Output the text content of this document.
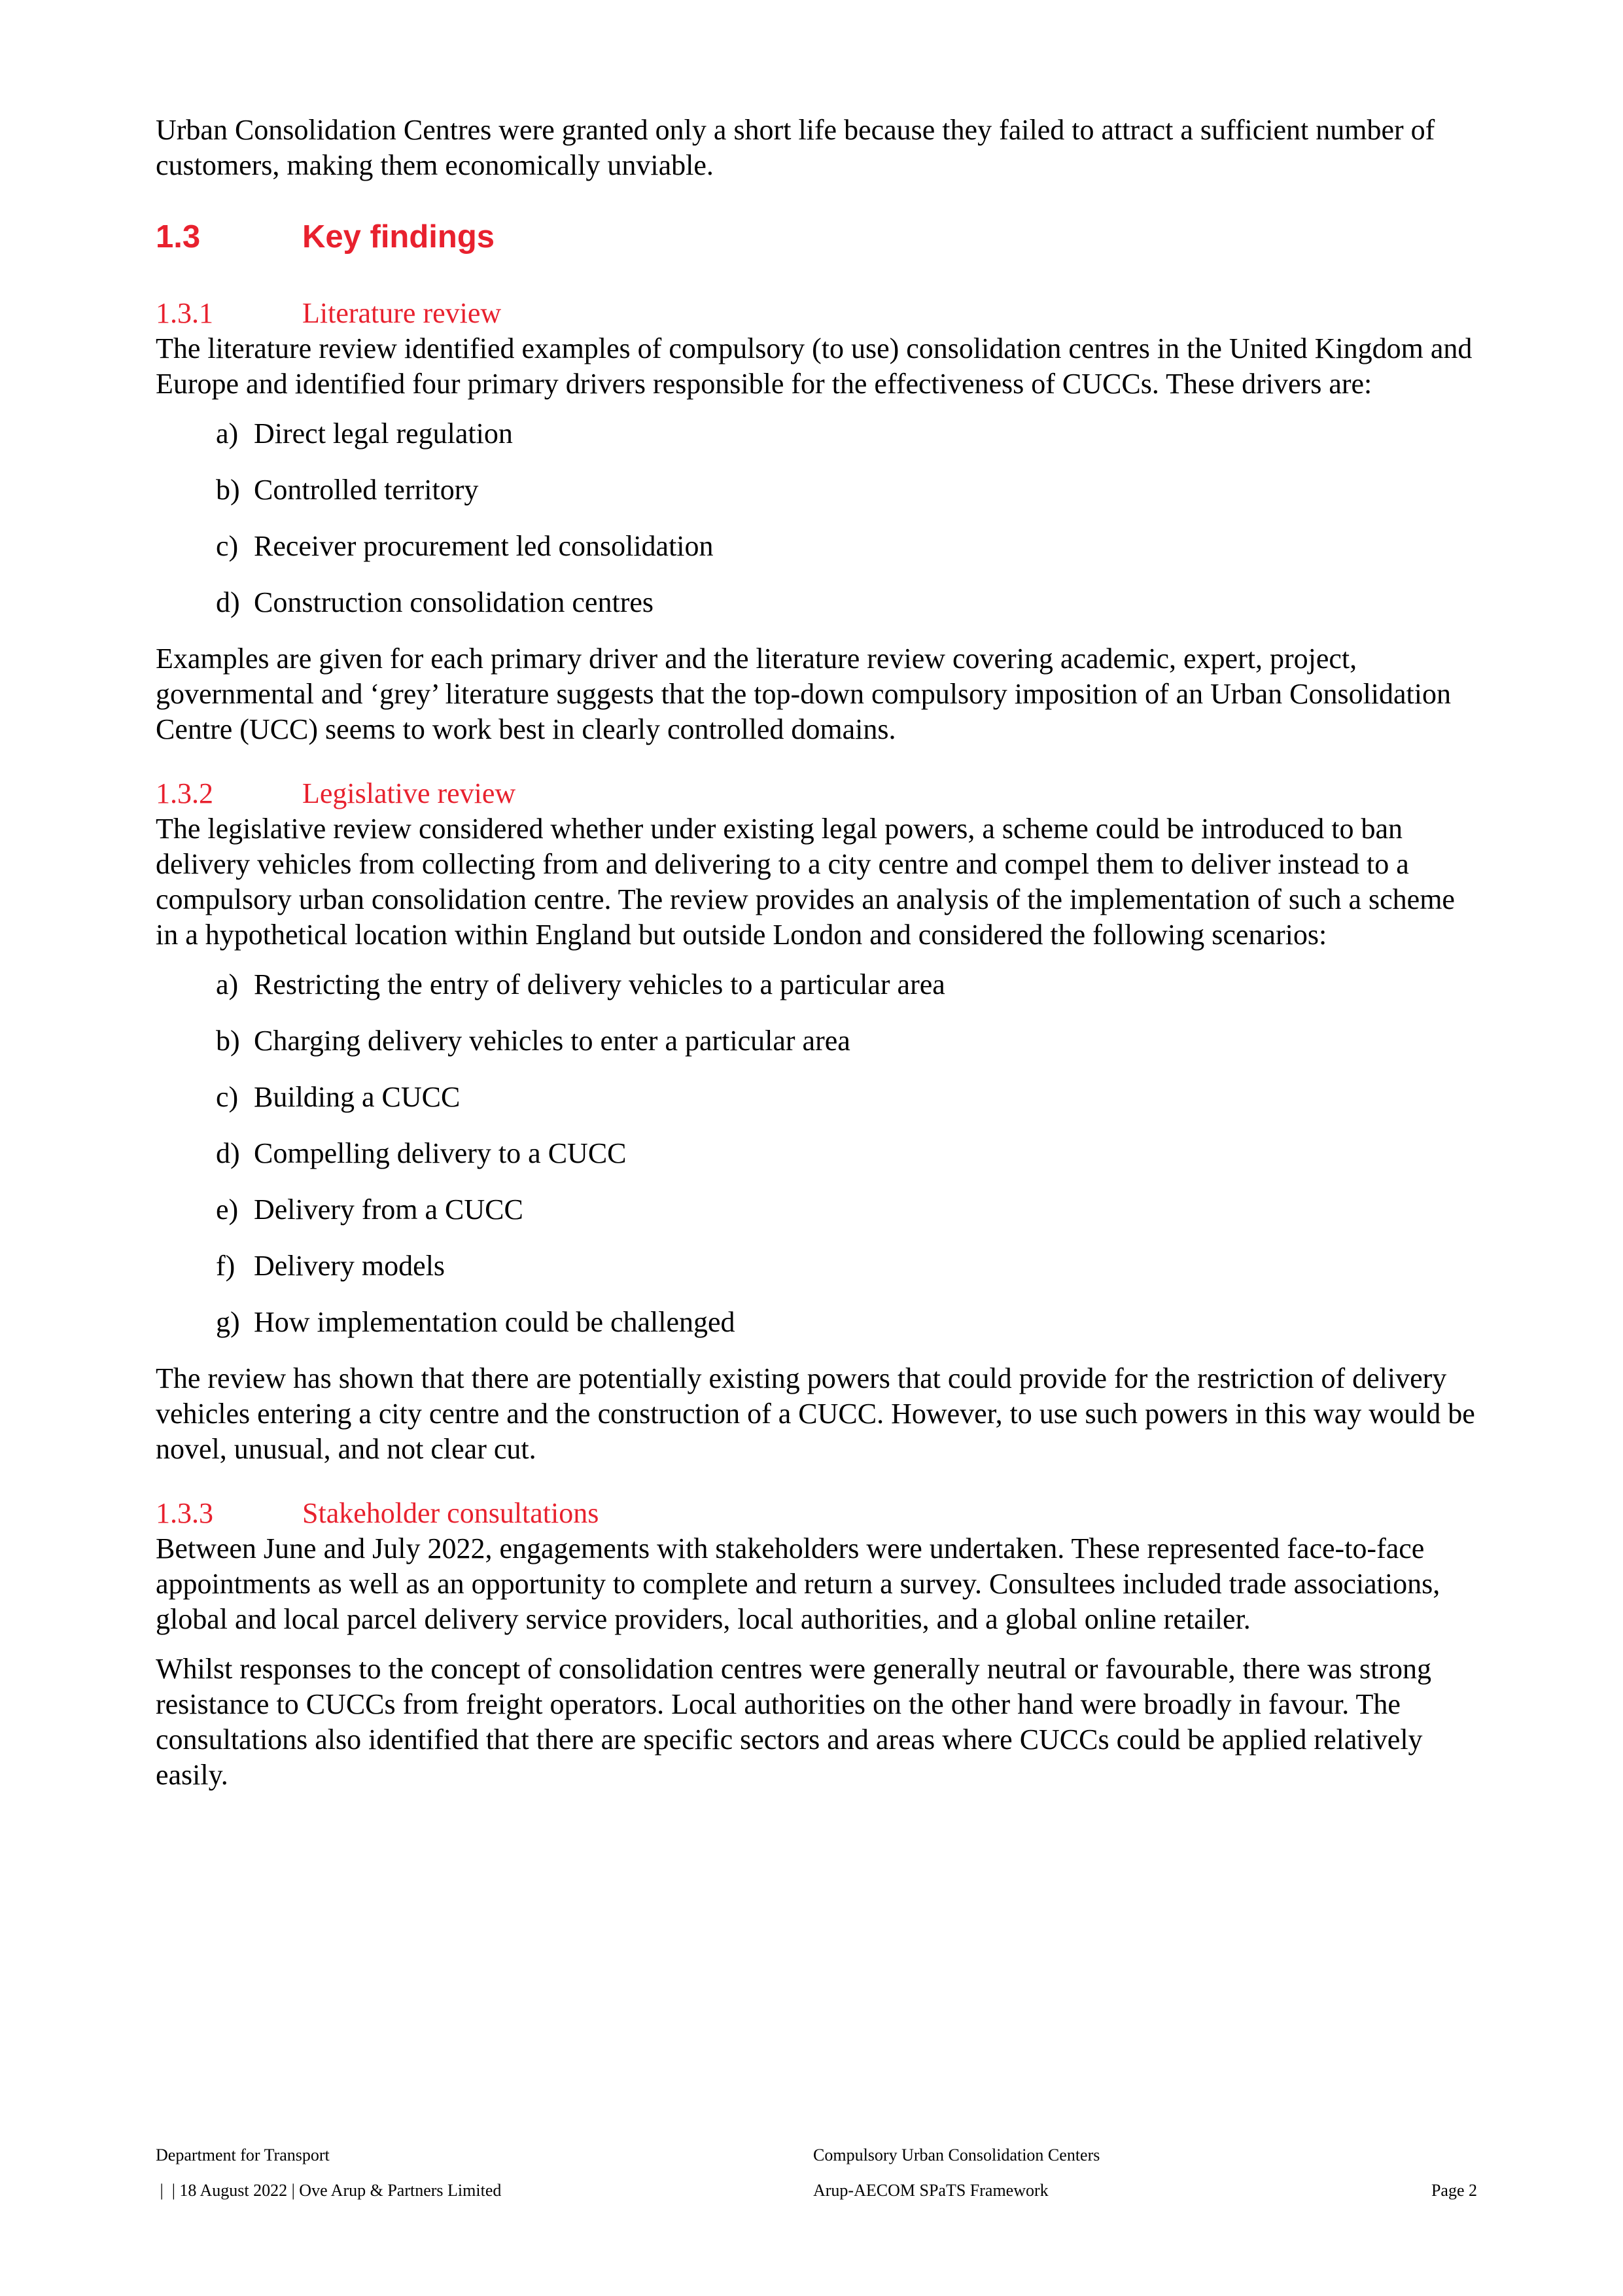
Urban Consolidation Centres were granted only a short life because they failed to attract a sufficient number of customers, making them economically unviable.

1.3	Key findings
1.3.1	Literature review

The literature review identified examples of compulsory (to use) consolidation centres in the United Kingdom and Europe and identified four primary drivers responsible for the effectiveness of CUCCs. These drivers are:

a) Direct legal regulation
b) Controlled territory
c) Receiver procurement led consolidation
d) Construction consolidation centres

Examples are given for each primary driver and the literature review covering academic, expert, project, governmental and ‘grey’ literature suggests that the top-down compulsory imposition of an Urban Consolidation Centre (UCC) seems to work best in clearly controlled domains.

1.3.2	Legislative review

The legislative review considered whether under existing legal powers, a scheme could be introduced to ban delivery vehicles from collecting from and delivering to a city centre and compel them to deliver instead to a compulsory urban consolidation centre. The review provides an analysis of the implementation of such a scheme in a hypothetical location within England but outside London and considered the following scenarios:

a) Restricting the entry of delivery vehicles to a particular area
b) Charging delivery vehicles to enter a particular area
c) Building a CUCC
d) Compelling delivery to a CUCC
e) Delivery from a CUCC
f) Delivery models
g) How implementation could be challenged

The review has shown that there are potentially existing powers that could provide for the restriction of delivery vehicles entering a city centre and the construction of a CUCC. However, to use such powers in this way would be novel, unusual, and not clear cut.

1.3.3	Stakeholder consultations

Between June and July 2022, engagements with stakeholders were undertaken. These represented face-to-face appointments as well as an opportunity to complete and return a survey. Consultees included trade associations, global and local parcel delivery service providers, local authorities, and a global online retailer.

Whilst responses to the concept of consolidation centres were generally neutral or favourable, there was strong resistance to CUCCs from freight operators. Local authorities on the other hand were broadly in favour. The consultations also identified that there are specific sectors and areas where CUCCs could be applied relatively easily.

Department for Transport	Compulsory Urban Consolidation Centers
|  | 18 August 2022 | Ove Arup & Partners Limited	Arup-AECOM SPaTS Framework	Page 2
